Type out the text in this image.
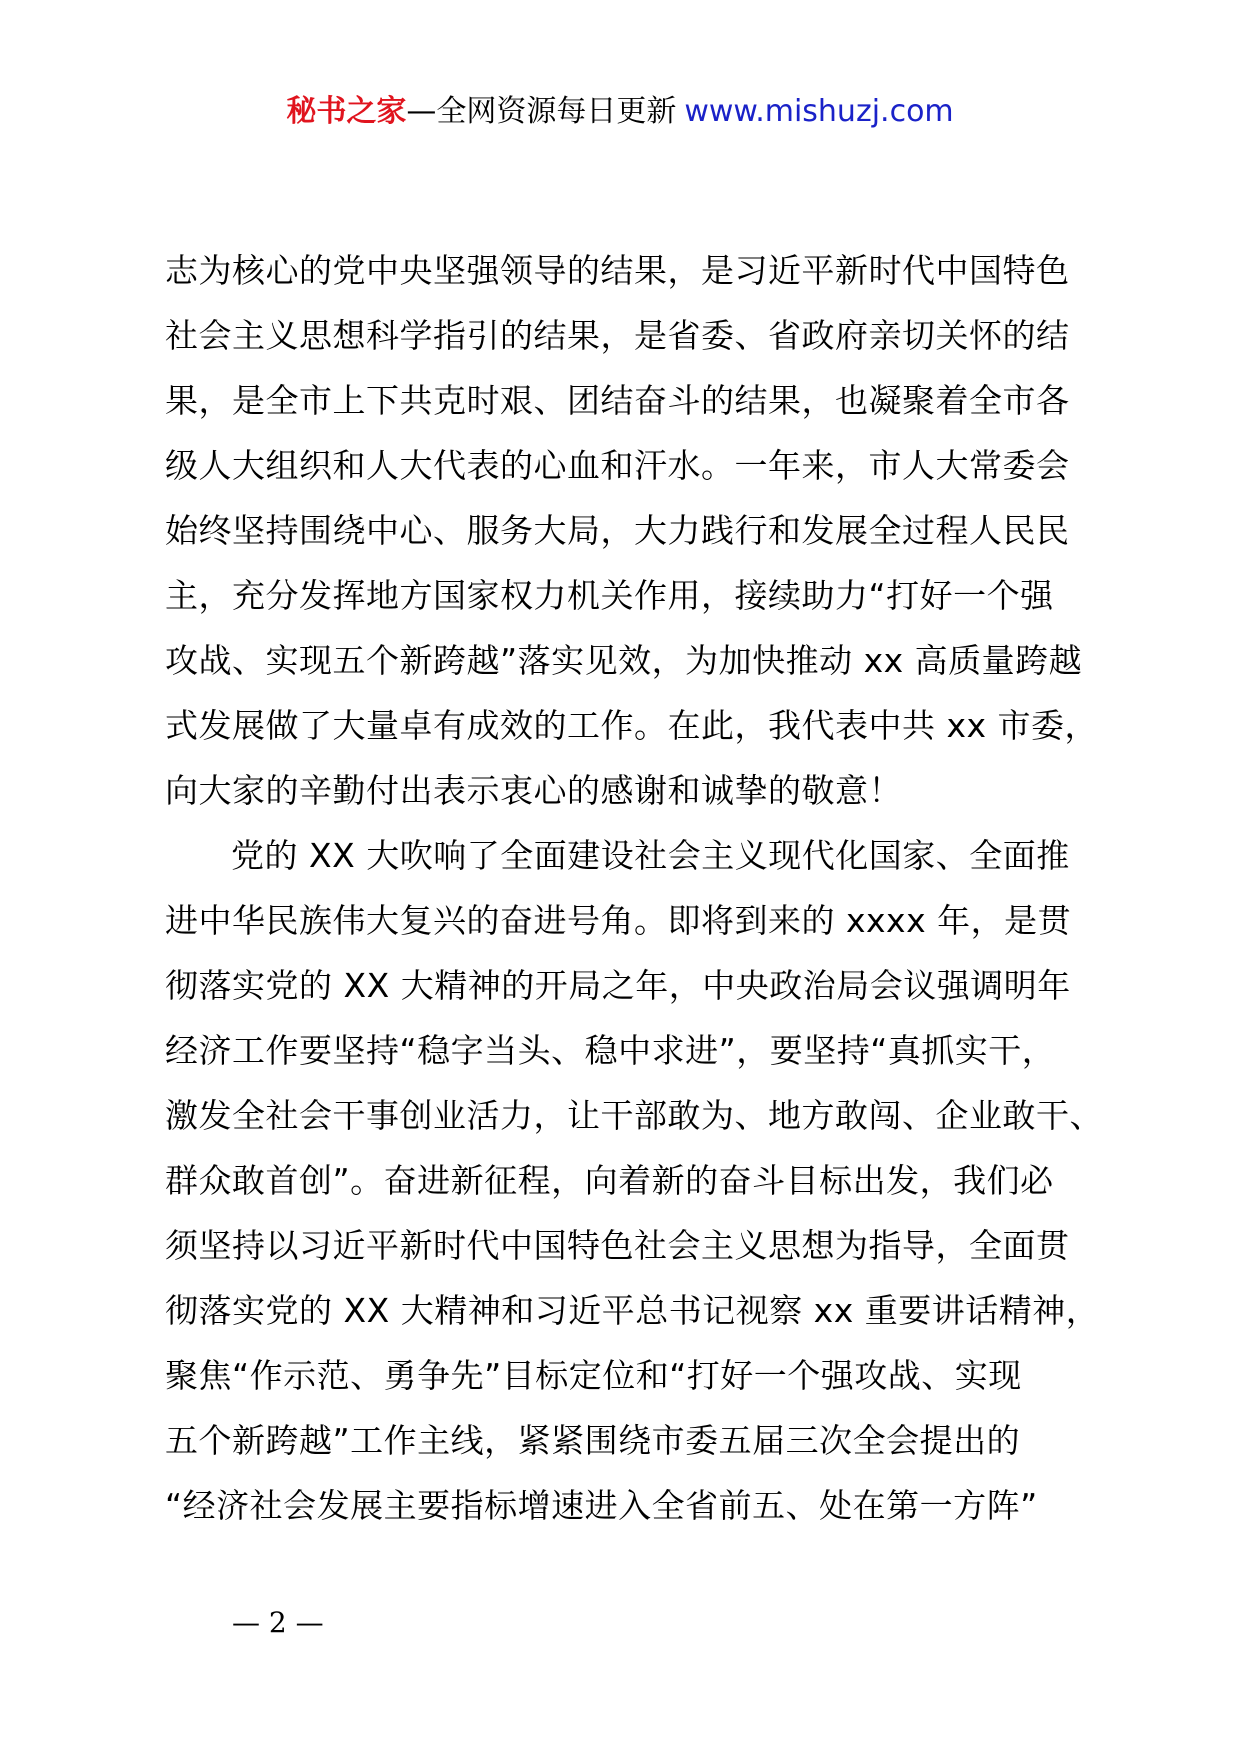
秘书之家—全网资源每日更新 www.mishuzj.com
志为核心的党中央坚强领导的结果，是习近平新时代中国特色
社会主义思想科学指引的结果，是省委、省政府亲切关怀的结
果，是全市上下共克时艰、团结奋斗的结果，也凝聚着全市各
级人大组织和人大代表的心血和汗水。一年来，市人大常委会
始终坚持围绕中心、服务大局，大力践行和发展全过程人民民
主，充分发挥地方国家权力机关作用，接续助力“打好一个强
攻战、实现五个新跨越”落实见效，为加快推动 xx 高质量跨越
式发展做了大量卓有成效的工作。在此，我代表中共 xx 市委，
向大家的辛勤付出表示衷心的感谢和诚挚的敬意！
党的 XX 大吹响了全面建设社会主义现代化国家、全面推
进中华民族伟大复兴的奋进号角。即将到来的 xxxx 年，是贯
彻落实党的 XX 大精神的开局之年，中央政治局会议强调明年
经济工作要坚持“稳字当头、稳中求进”，要坚持“真抓实干，
激发全社会干事创业活力，让干部敢为、地方敢闯、企业敢干、
群众敢首创”。奋进新征程，向着新的奋斗目标出发，我们必
须坚持以习近平新时代中国特色社会主义思想为指导，全面贯
彻落实党的 XX 大精神和习近平总书记视察 xx 重要讲话精神，
聚焦“作示范、勇争先”目标定位和“打好一个强攻战、实现
五个新跨越”工作主线，紧紧围绕市委五届三次全会提出的
“经济社会发展主要指标增速进入全省前五、处在第一方阵”
— 2 —
